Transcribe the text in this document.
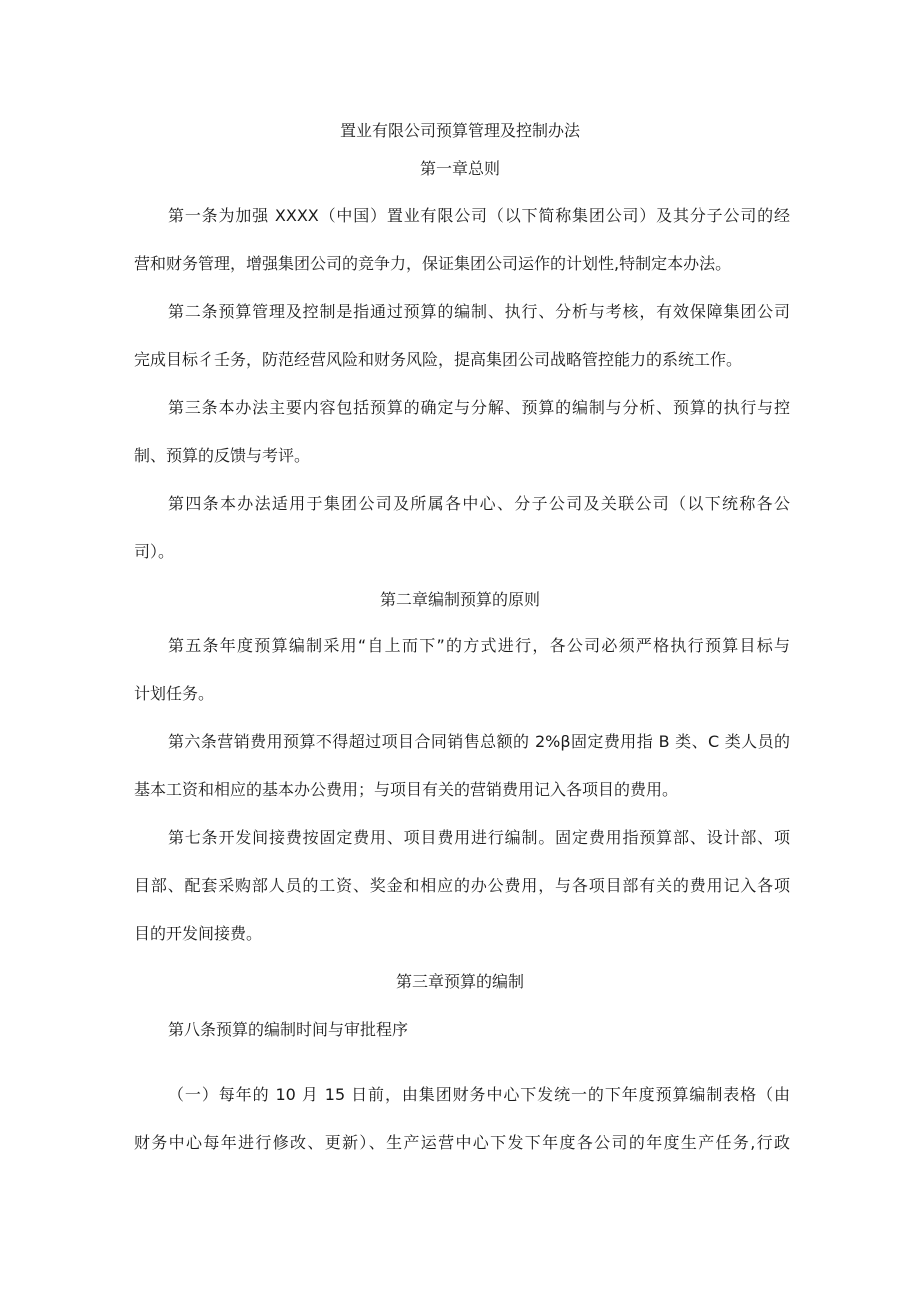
置业有限公司预算管理及控制办法
第一章总则
第一条为加强 XXXX（中国）置业有限公司（以下简称集团公司）及其分子公司的经
营和财务管理，增强集团公司的竞争力，保证集团公司运作的计划性,特制定本办法。
第二条预算管理及控制是指通过预算的编制、执行、分析与考核，有效保障集团公司
完成目标彳壬务，防范经营风险和财务风险，提高集团公司战略管控能力的系统工作。
第三条本办法主要内容包括预算的确定与分解、预算的编制与分析、预算的执行与控
制、预算的反馈与考评。
第四条本办法适用于集团公司及所属各中心、分子公司及关联公司（以下统称各公
司）。
第二章编制预算的原则
第五条年度预算编制采用“自上而下”的方式进行，各公司必须严格执行预算目标与
计划任务。
第六条营销费用预算不得超过项目合同销售总额的 2%β固定费用指 B 类、C 类人员的
基本工资和相应的基本办公费用；与项目有关的营销费用记入各项目的费用。
第七条开发间接费按固定费用、项目费用进行编制。固定费用指预算部、设计部、项
目部、配套采购部人员的工资、奖金和相应的办公费用，与各项目部有关的费用记入各项
目的开发间接费。
第三章预算的编制
第八条预算的编制时间与审批程序
（一）每年的 10 月 15 日前，由集团财务中心下发统一的下年度预算编制表格（由
财务中心每年进行修改、更新）、生产运营中心下发下年度各公司的年度生产任务,行政
